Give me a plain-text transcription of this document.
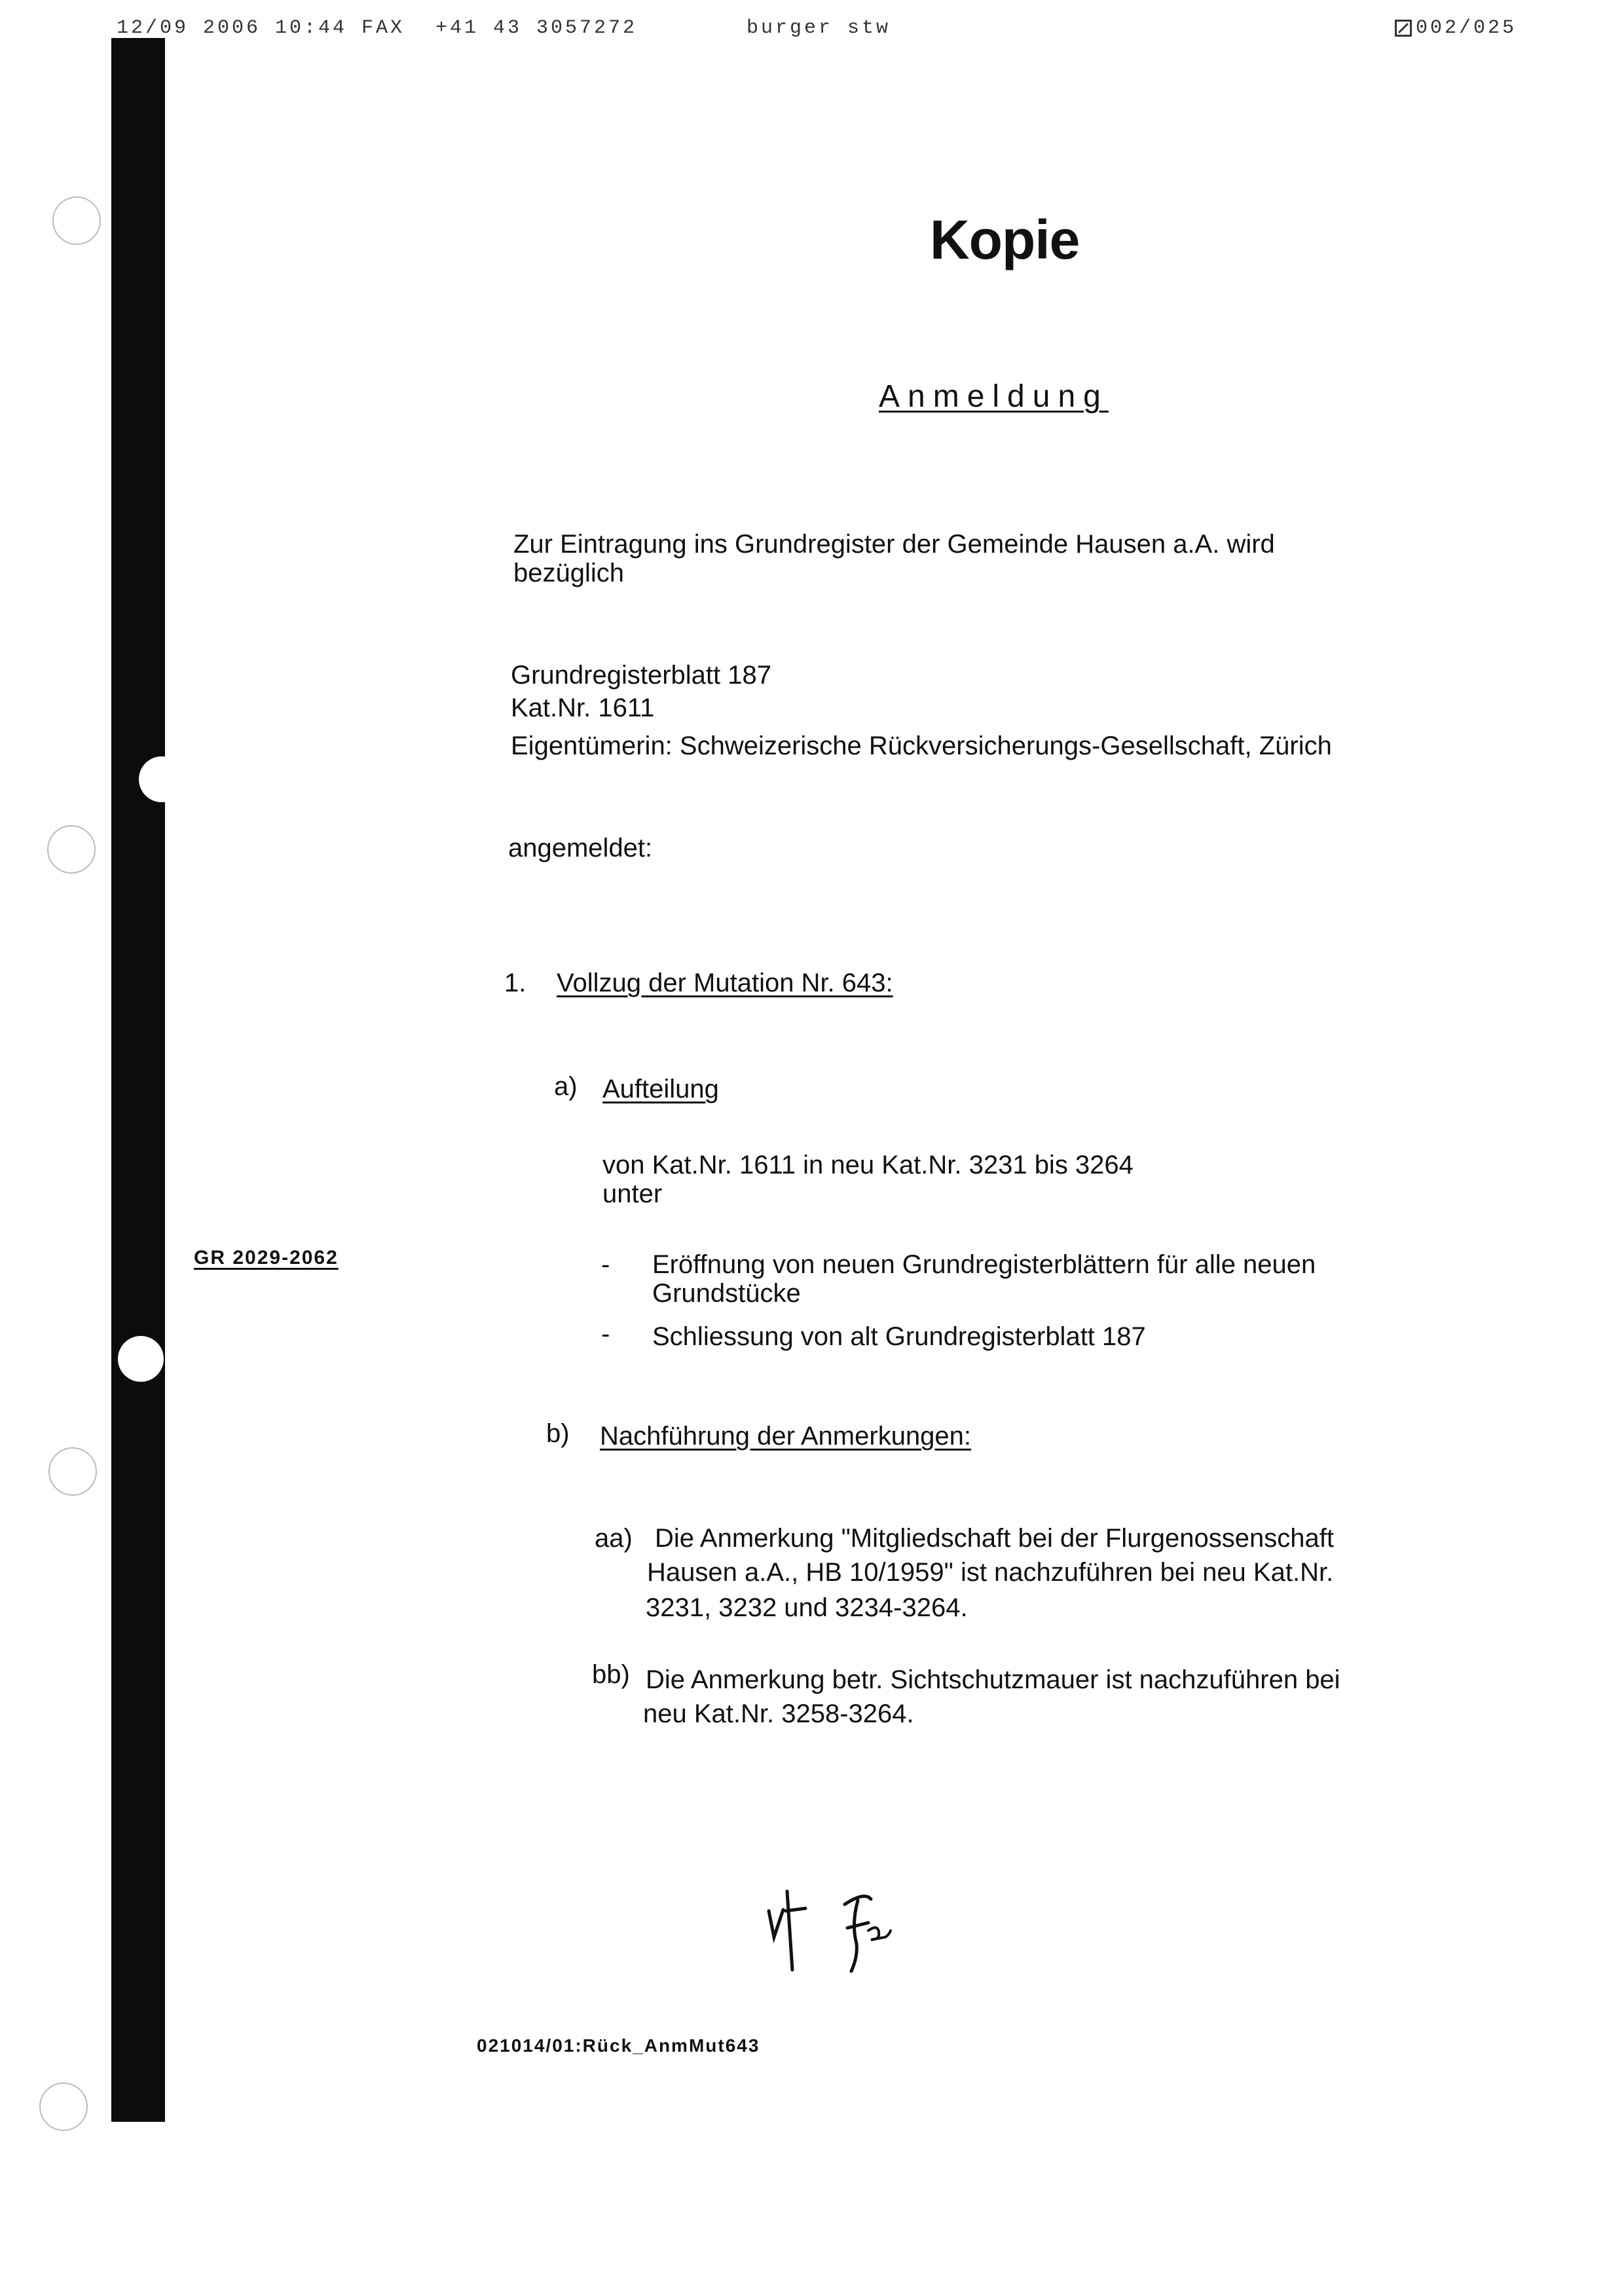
12/09 2006 10:44 FAX +41 43 3057272	burger stw	002/025
Kopie
Anmeldung
Zur Eintragung ins Grundregister der Gemeinde Hausen a.A. wird
bezüglich
Grundregisterblatt 187
Kat.Nr. 1611
Eigentümerin: Schweizerische Rückversicherungs-Gesellschaft, Zürich
angemeldet:
1. Vollzug der Mutation Nr. 643:
a) Aufteilung
von Kat.Nr. 1611 in neu Kat.Nr. 3231 bis 3264
unter
GR 2029-2062	- Eröffnung von neuen Grundregisterblättern für alle neuen
Grundstücke
- Schliessung von alt Grundregisterblatt 187
b) Nachführung der Anmerkungen:
aa) Die Anmerkung "Mitgliedschaft bei der Flurgenossenschaft
Hausen a.A., HB 10/1959" ist nachzuführen bei neu Kat.Nr.
3231, 3232 und 3234-3264.
bb) Die Anmerkung betr. Sichtschutzmauer ist nachzuführen bei
neu Kat.Nr. 3258-3264.
021014/01:Rück_AnmMut643
